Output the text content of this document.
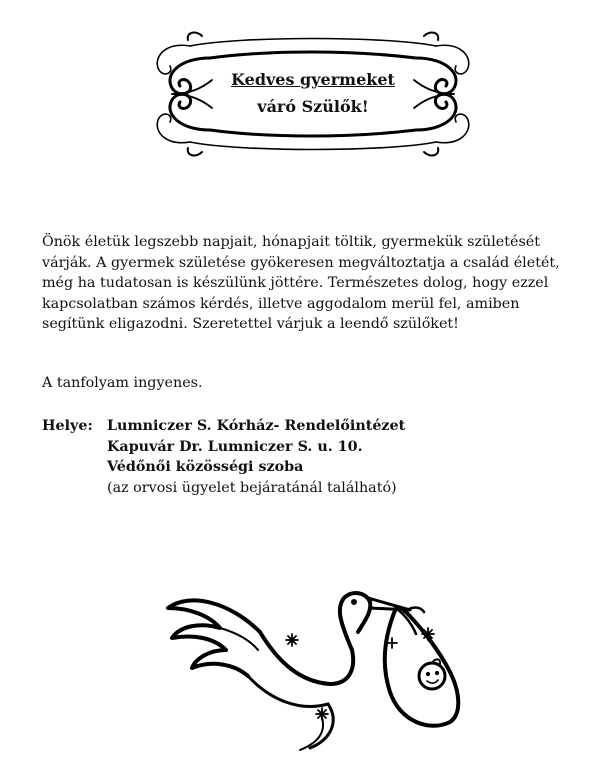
Kedves gyermeket
váró Szülők!

Önök életük legszebb napjait, hónapjait töltik, gyermekük születését várják. A gyermek születése gyökeresen megváltoztatja a család életét, még ha tudatosan is készülünk jöttére. Természetes dolog, hogy ezzel kapcsolatban számos kérdés, illetve aggodalom merül fel, amiben segítünk eligazodni. Szeretettel várjuk a leendő szülőket!

A tanfolyam ingyenes.
Helye: Lumniczer S. Kórház- Rendelőintézet
Kapuvár Dr. Lumniczer S. u. 10.
Védőnői közösségi szoba
(az orvosi ügyelet bejáratánál található)
